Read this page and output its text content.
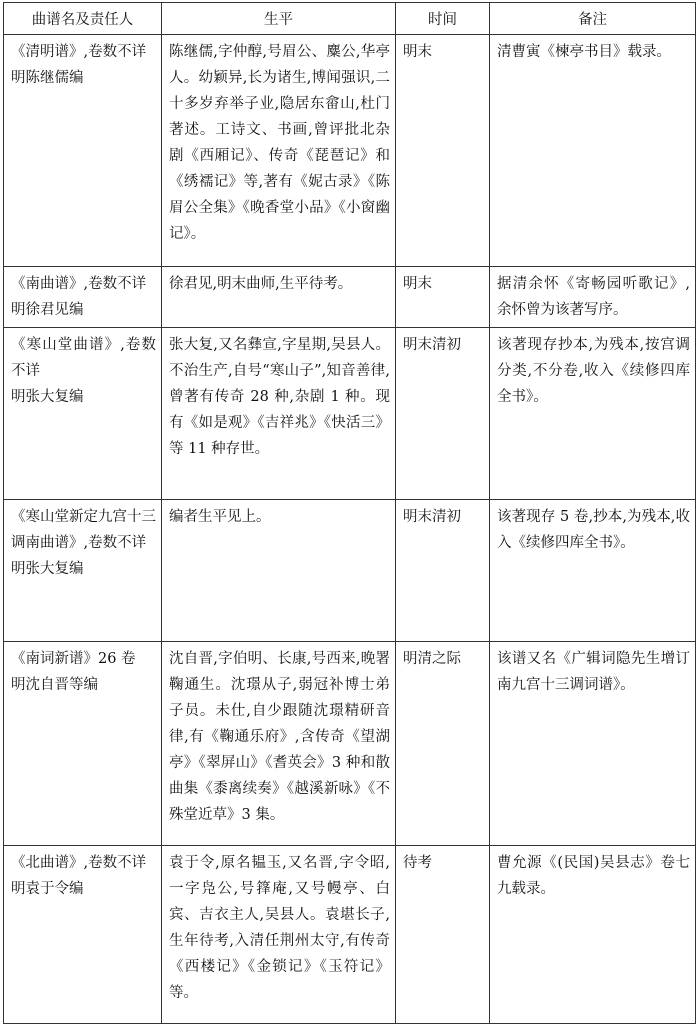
曲谱名及责任人	生平	时间	备注

《清明谱》,卷数不详
明陈继儒编	陈继儒,字仲醇,号眉公、麋公,华亭人。幼颖异,长为诸生,博闻强识,二十多岁弃举子业,隐居东畲山,杜门著述。工诗文、书画,曾评批北杂剧《西厢记》、传奇《琵琶记》和《绣襦记》等,著有《妮古录》《陈眉公全集》《晚香堂小品》《小窗幽记》。	明末	清曹寅《楝亭书目》载录。

《南曲谱》,卷数不详
明徐君见编	徐君见,明末曲师,生平待考。	明末	据清余怀《寄畅园听歌记》,余怀曾为该著写序。

《寒山堂曲谱》,卷数不详
明张大复编	张大复,又名彝宣,字星期,吴县人。不治生产,自号“寒山子”,知音善律,曾著有传奇 28 种,杂剧 1 种。现有《如是观》《吉祥兆》《快活三》等 11 种存世。	明末清初	该著现存抄本,为残本,按宫调分类,不分卷,收入《续修四库全书》。

《寒山堂新定九宫十三调南曲谱》,卷数不详
明张大复编	编者生平见上。	明末清初	该著现存 5 卷,抄本,为残本,收入《续修四库全书》。

《南词新谱》26 卷
明沈自晋等编	沈自晋,字伯明、长康,号西来,晚署鞠通生。沈璟从子,弱冠补博士弟子员。未仕,自少跟随沈璟精研音律,有《鞠通乐府》,含传奇《望湖亭》《翠屏山》《耆英会》3 种和散曲集《黍离续奏》《越溪新咏》《不殊堂近草》3 集。	明清之际	该谱又名《广辑词隐先生增订南九宫十三调词谱》。

《北曲谱》,卷数不详
明袁于令编	袁于令,原名韫玉,又名晋,字令昭,一字凫公,号箨庵,又号幔亭、白宾、吉衣主人,吴县人。袁堪长子,生年待考,入清任荆州太守,有传奇《西楼记》《金锁记》《玉符记》等。	待考	曹允源《(民国)吴县志》卷七九载录。
